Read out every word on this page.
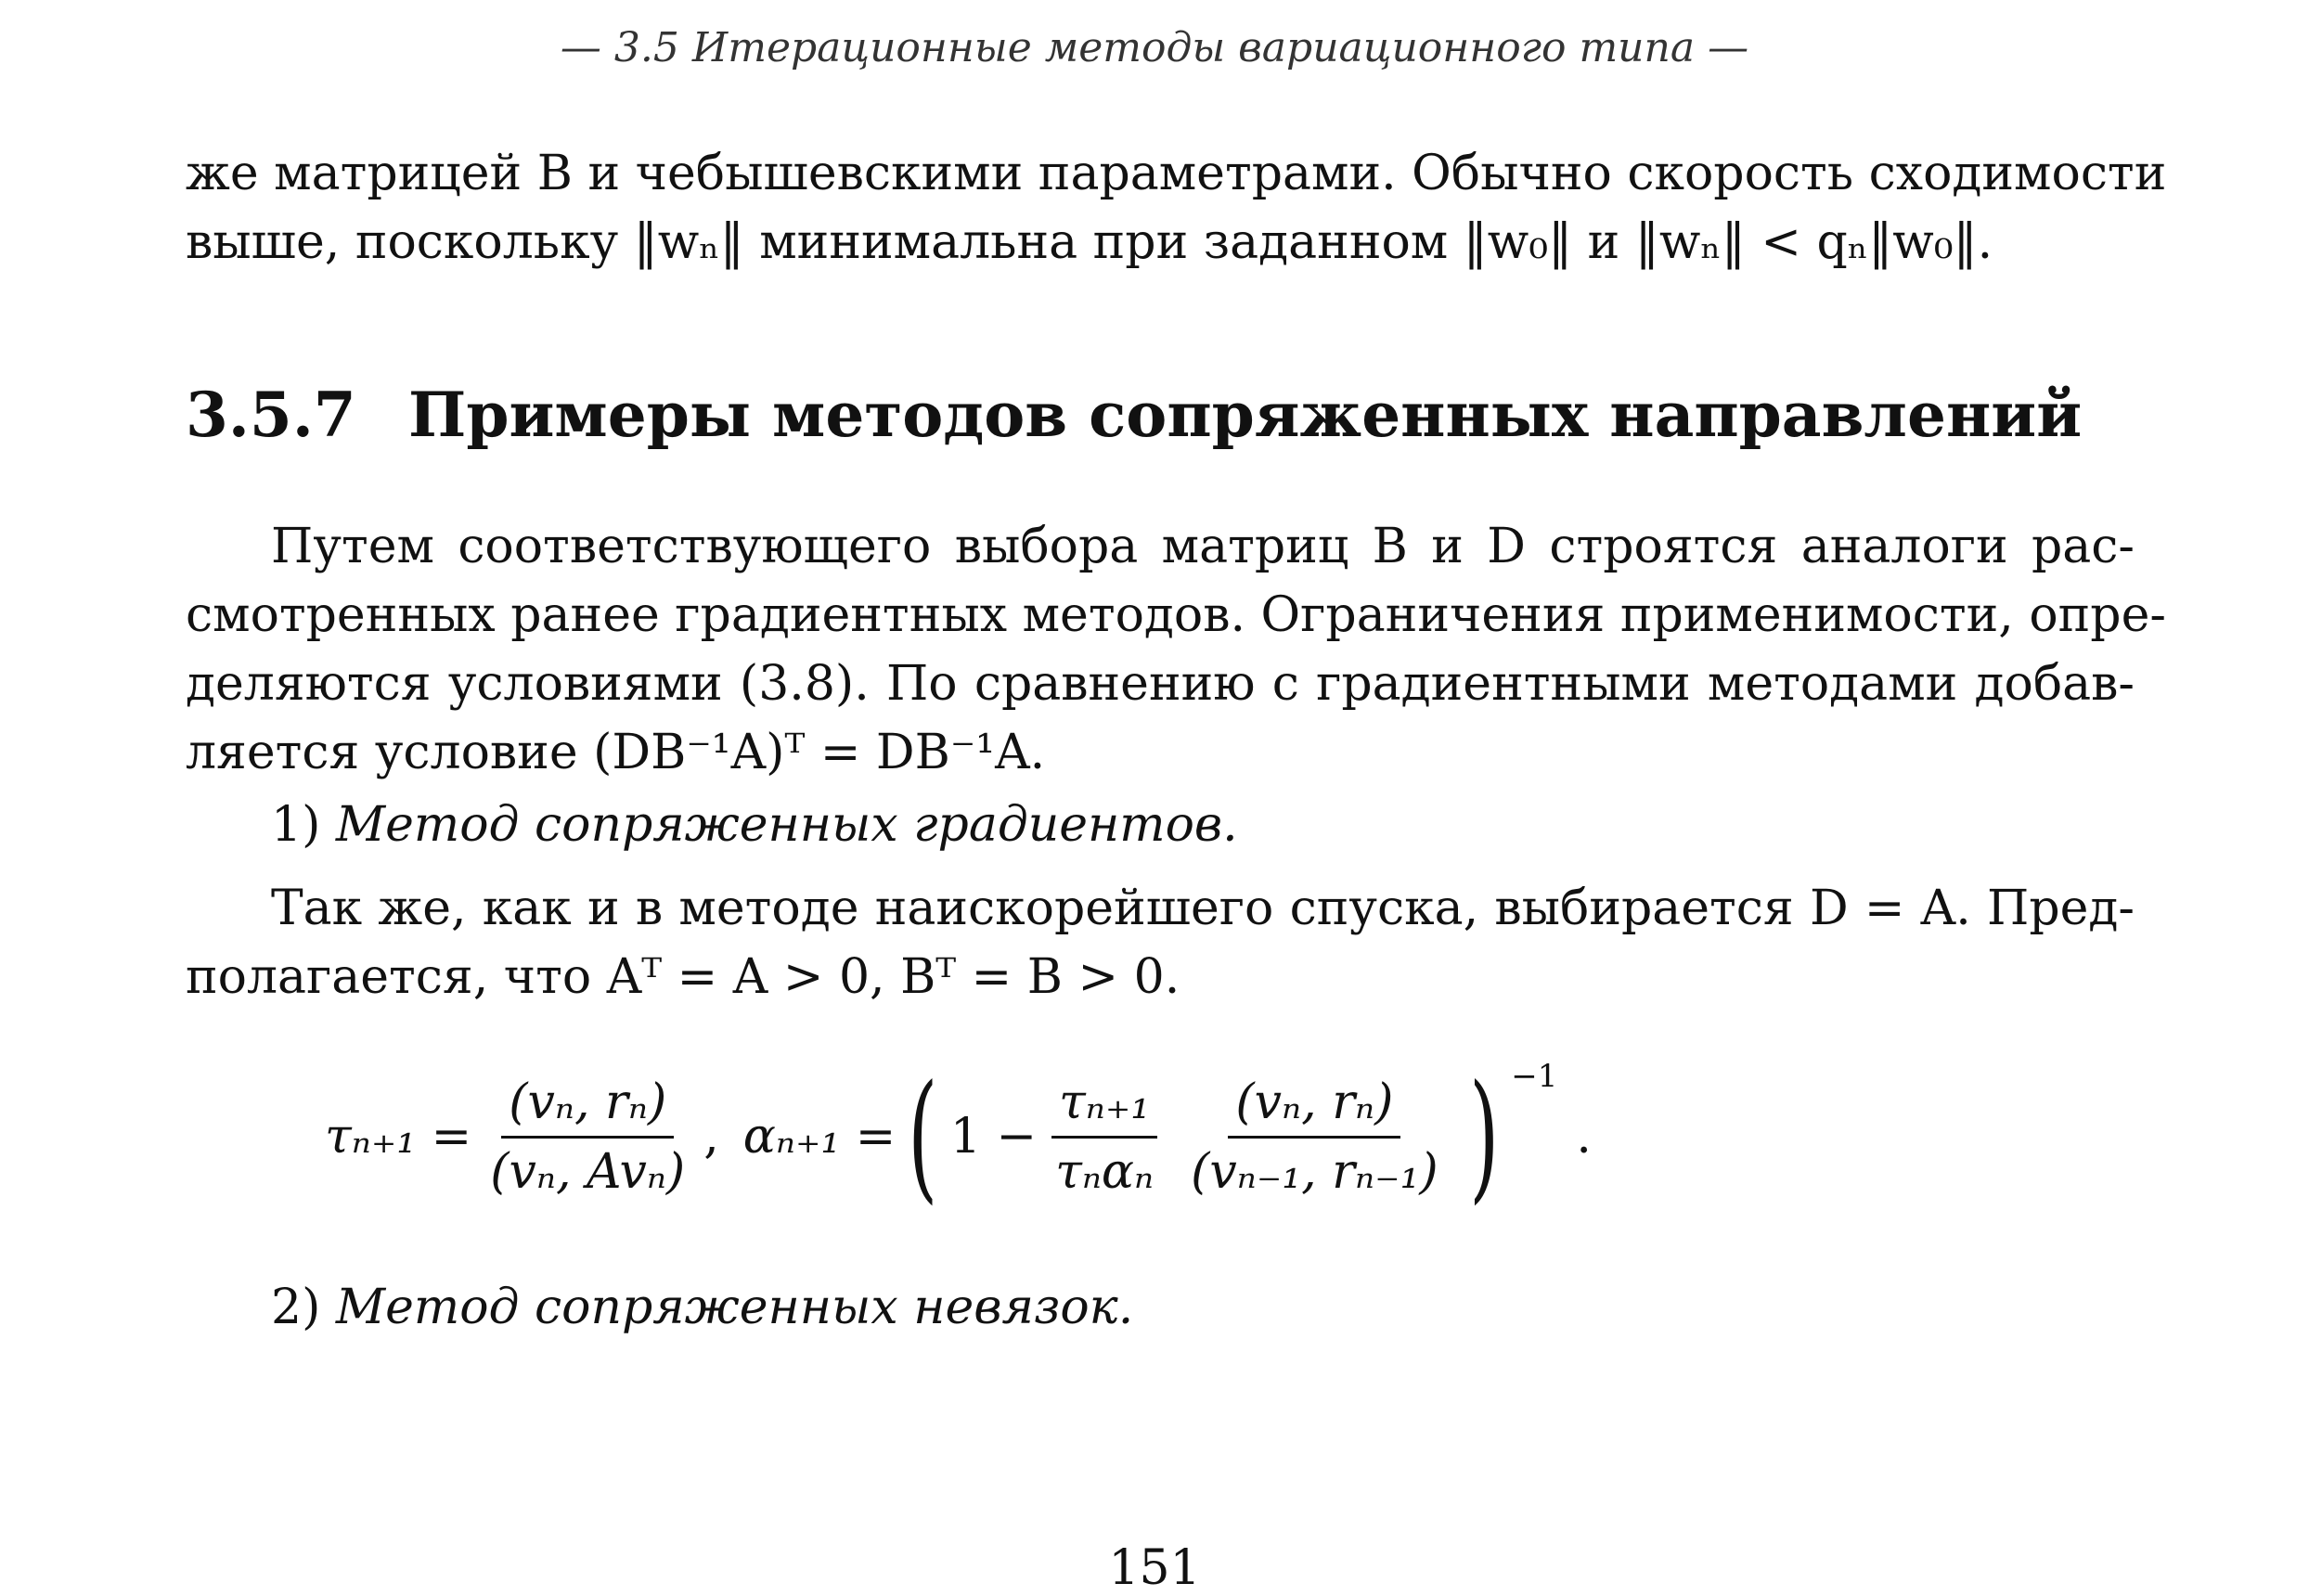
— 3.5 Итерационные методы вариационного типа —
же матрицей B и чебышевскими параметрами. Обычно скорость сходимости
выше, поскольку ‖wₙ‖ минимальна при заданном ‖w₀‖ и ‖wₙ‖ < qₙ‖w₀‖.
3.5.7 Примеры методов сопряженных направлений
Путем соответствующего выбора матриц B и D строятся аналоги рас-
смотренных ранее градиентных методов. Ограничения применимости, опре-
деляются условиями (3.8). По сравнению с градиентными методами добав-
ляется условие (DB⁻¹A)ᵀ = DB⁻¹A.
1) Метод сопряженных градиентов.
Так же, как и в методе наискорейшего спуска, выбирается D = A. Пред-
полагается, что Aᵀ = A > 0, Bᵀ = B > 0.
$\tau_{n+1} = \frac{\text{(vₙ, rₙ)}}{\text{(vₙ, Avₙ)}}$ , αₙ₊₁ = ( $1 - \frac{\text{τₙ₊₁}}{\text{τₙαₙ}} \frac{\text{(vₙ, rₙ)}}{\text{(vₙ₋₁, rₙ₋₁)}}$ ) −1
.
2) Метод сопряженных невязок.
151
